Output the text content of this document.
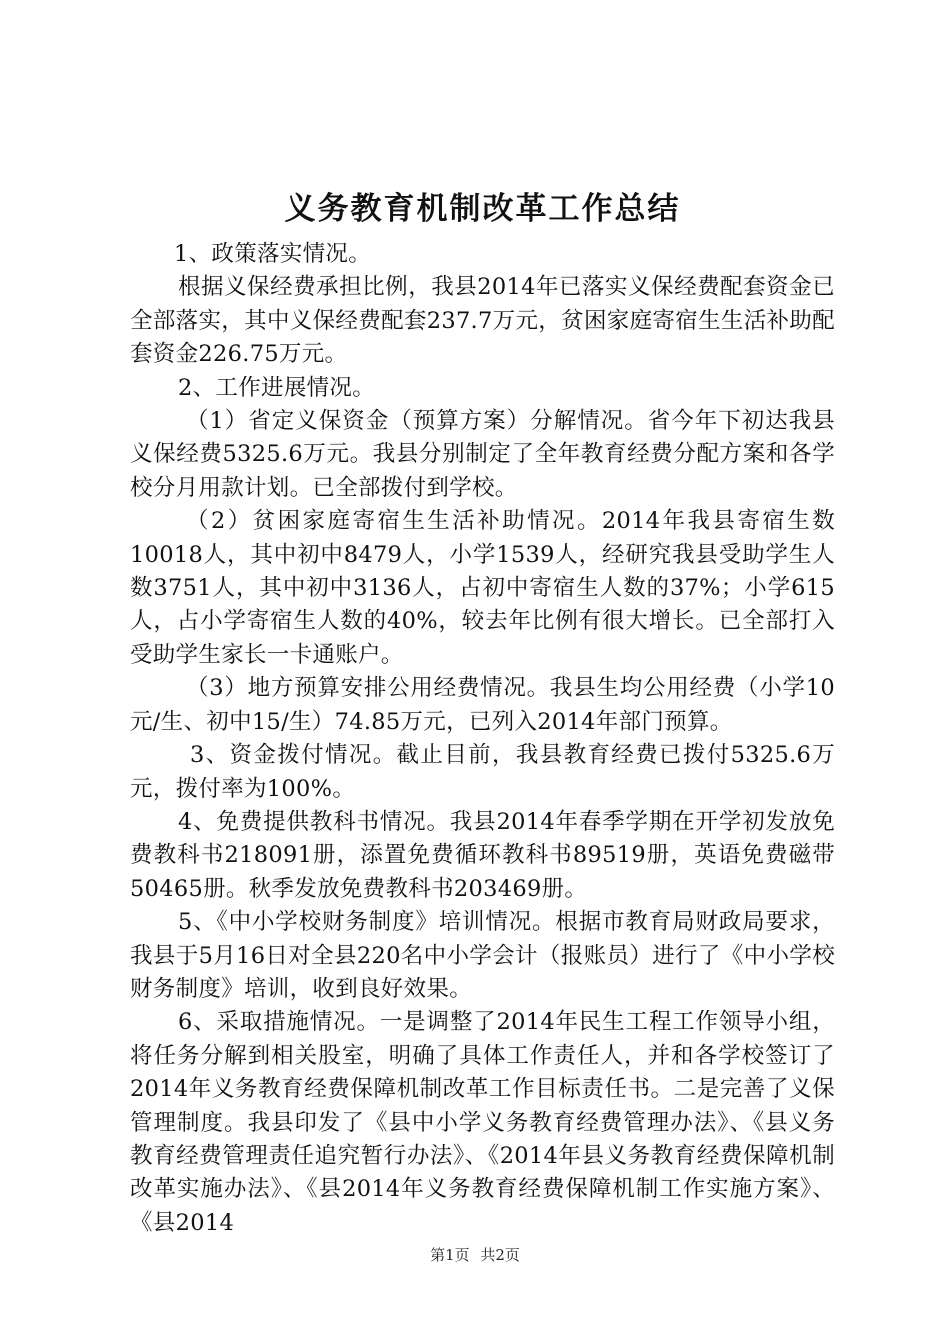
义务教育机制改革工作总结

1、政策落实情况。

根据义保经费承担比例，我县2014年已落实义保经费配套资金已全部落实，其中义保经费配套237.7万元，贫困家庭寄宿生生活补助配套资金226.75万元。

2、工作进展情况。

（1）省定义保资金（预算方案）分解情况。省今年下初达我县义保经费5325.6万元。我县分别制定了全年教育经费分配方案和各学校分月用款计划。已全部拨付到学校。

（2）贫困家庭寄宿生生活补助情况。2014年我县寄宿生数10018人，其中初中8479人，小学1539人，经研究我县受助学生人数3751人，其中初中3136人，占初中寄宿生人数的37%；小学615人，占小学寄宿生人数的40%，较去年比例有很大增长。已全部打入受助学生家长一卡通账户。

（3）地方预算安排公用经费情况。我县生均公用经费（小学10元/生、初中15/生）74.85万元，已列入2014年部门预算。

3、资金拨付情况。截止目前，我县教育经费已拨付5325.6万元，拨付率为100%。

4、免费提供教科书情况。我县2014年春季学期在开学初发放免费教科书218091册，添置免费循环教科书89519册，英语免费磁带50465册。秋季发放免费教科书203469册。

5、《中小学校财务制度》培训情况。根据市教育局财政局要求，我县于5月16日对全县220名中小学会计（报账员）进行了《中小学校财务制度》培训，收到良好效果。

6、采取措施情况。一是调整了2014年民生工程工作领导小组，将任务分解到相关股室，明确了具体工作责任人，并和各学校签订了2014年义务教育经费保障机制改革工作目标责任书。二是完善了义保管理制度。我县印发了《县中小学义务教育经费管理办法》、《县义务教育经费管理责任追究暂行办法》、《2014年县义务教育经费保障机制改革实施办法》、《县2014年义务教育经费保障机制工作实施方案》、《县2014

第1页 共2页
